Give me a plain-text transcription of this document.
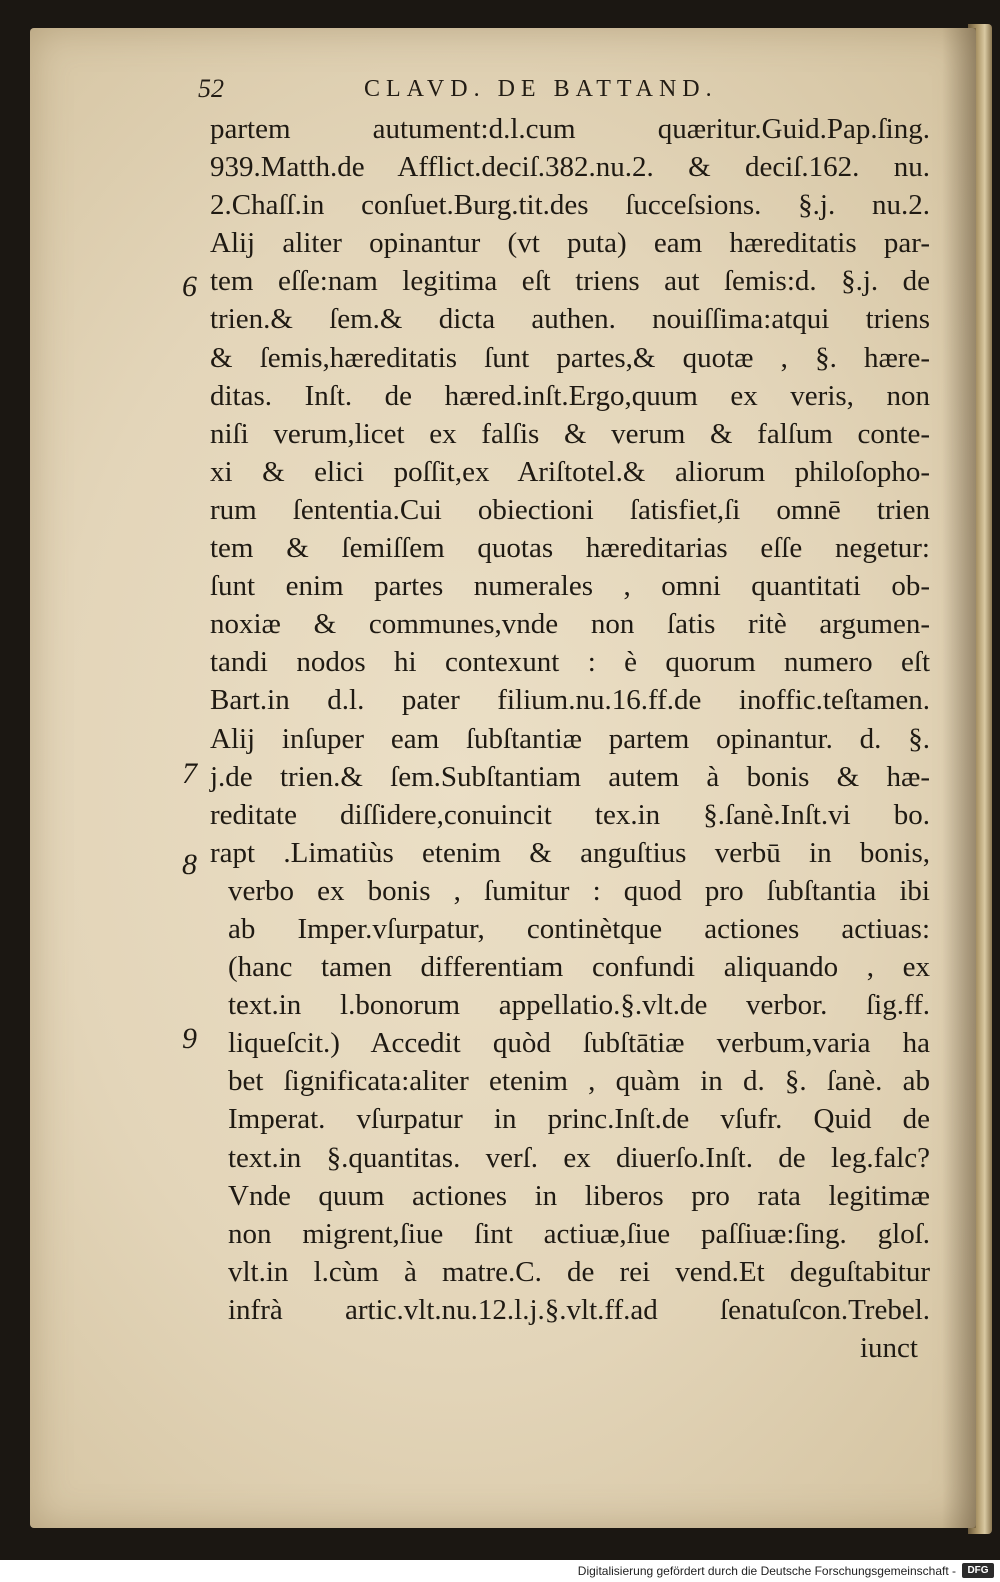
52	CLAVD. DE BATTAND.
6
7
8
9
partem autument:d.l.cum quæritur.Guid.Pap.ſing.
939.Matth.de Afflict.deciſ.382.nu.2. & deciſ.162. nu.
2.Chaſſ.in conſuet.Burg.tit.des ſucceſsions. §.j. nu.2.
Alij aliter opinantur (vt puta) eam hæreditatis par-
tem eſſe:nam legitima eſt triens aut ſemis:d. §.j. de
trien.& ſem.& dicta authen. nouiſſima:atqui triens
& ſemis,hæreditatis ſunt partes,& quotæ , §. hære-
ditas. Inſt. de hæred.inſt.Ergo,quum ex veris, non
niſi verum,licet ex falſis & verum & falſum conte-
xi & elici poſſit,ex Ariſtotel.& aliorum philoſopho-
rum ſententia.Cui obiectioni ſatisfiet,ſi omnē trien
tem & ſemiſſem quotas hæreditarias eſſe negetur:
ſunt enim partes numerales , omni quantitati ob-
noxiæ & communes,vnde non ſatis ritè argumen-
tandi nodos hi contexunt : è quorum numero eſt
Bart.in d.l. pater filium.nu.16.ff.de inoffic.teſtamen.
Alij inſuper eam ſubſtantiæ partem opinantur. d. §.
j.de trien.& ſem.Subſtantiam autem à bonis & hæ-
reditate diſſidere,conuincit tex.in §.ſanè.Inſt.vi bo.
rapt .Limatiùs etenim & anguſtius verbū in bonis,
verbo ex bonis , ſumitur : quod pro ſubſtantia ibi
ab Imper.vſurpatur, continètque actiones actiuas:
(hanc tamen differentiam confundi aliquando , ex
text.in l.bonorum appellatio.§.vlt.de verbor. ſig.ff.
liqueſcit.) Accedit quòd ſubſtātiæ verbum,varia ha
bet ſignificata:aliter etenim , quàm in d. §. ſanè. ab
Imperat. vſurpatur in princ.Inſt.de vſufr. Quid de
text.in §.quantitas. verſ. ex diuerſo.Inſt. de leg.falc?
Vnde quum actiones in liberos pro rata legitimæ
non migrent,ſiue ſint actiuæ,ſiue paſſiuæ:ſing. gloſ.
vlt.in l.cùm à matre.C. de rei vend.Et deguſtabitur
infrà artic.vlt.nu.12.l.j.§.vlt.ff.ad ſenatuſcon.Trebel.
iunct
Digitalisierung gefördert durch die Deutsche Forschungsgemeinschaft -	DFG
